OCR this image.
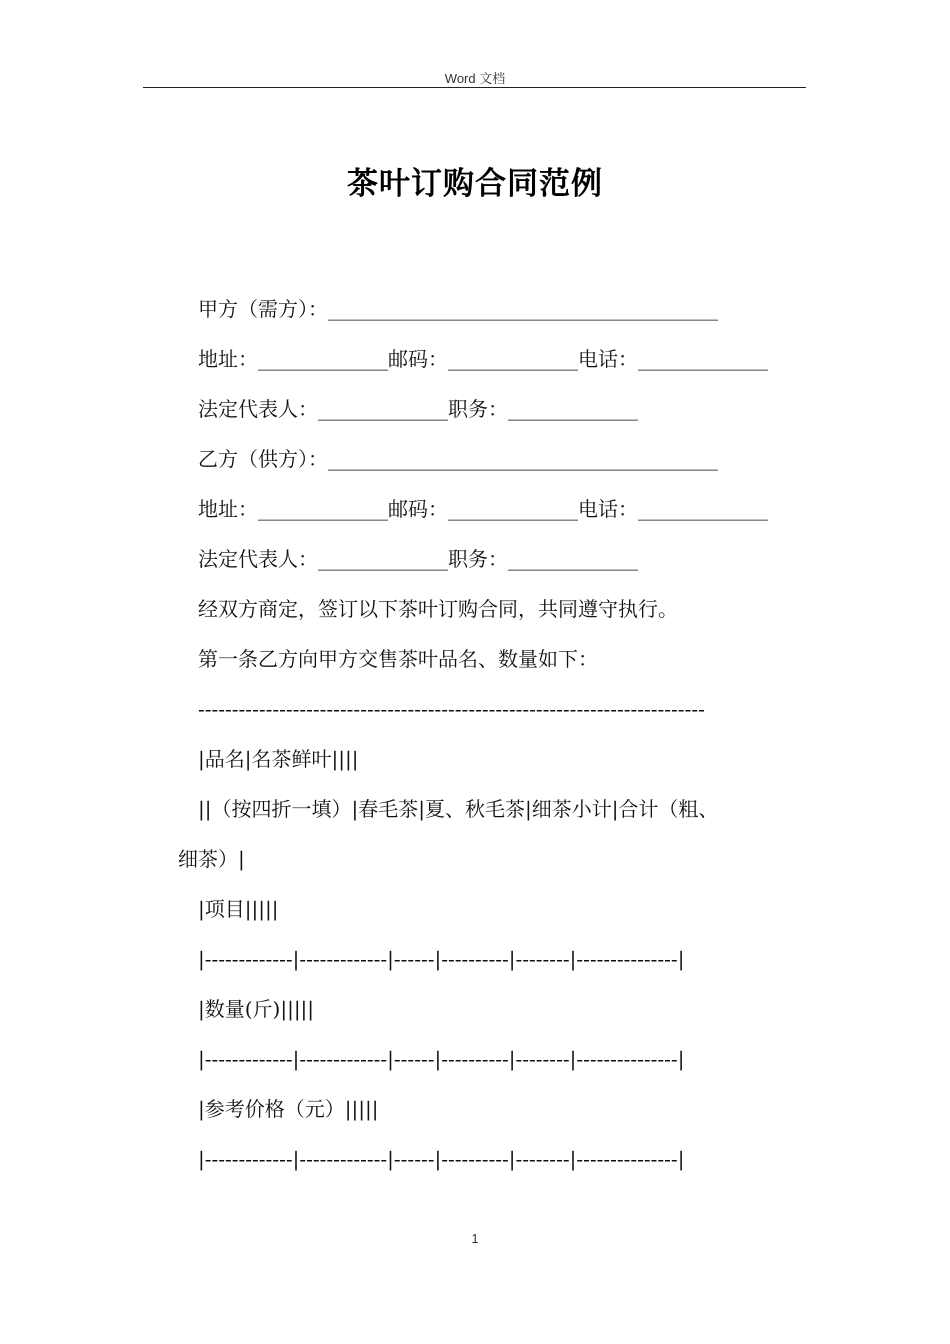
Word 文档
茶叶订购合同范例
甲方（需方）：_______________________________________
地址：_____________邮码：_____________电话：_____________
法定代表人：_____________职务：_____________
乙方（供方）：_______________________________________
地址：_____________邮码：_____________电话：_____________
法定代表人：_____________职务：_____________
经双方商定，签订以下茶叶订购合同，共同遵守执行。
第一条乙方向甲方交售茶叶品名、数量如下：
---------------------------------------------------------------------------
|品名|名茶鲜叶||||
||（按四折一填）|春毛茶|夏、秋毛茶|细茶小计|合计（粗、
细茶）|
|项目|||||
|-------------|-------------|------|----------|--------|---------------|
|数量(斤)|||||
|-------------|-------------|------|----------|--------|---------------|
|参考价格（元）|||||
|-------------|-------------|------|----------|--------|---------------|
1
